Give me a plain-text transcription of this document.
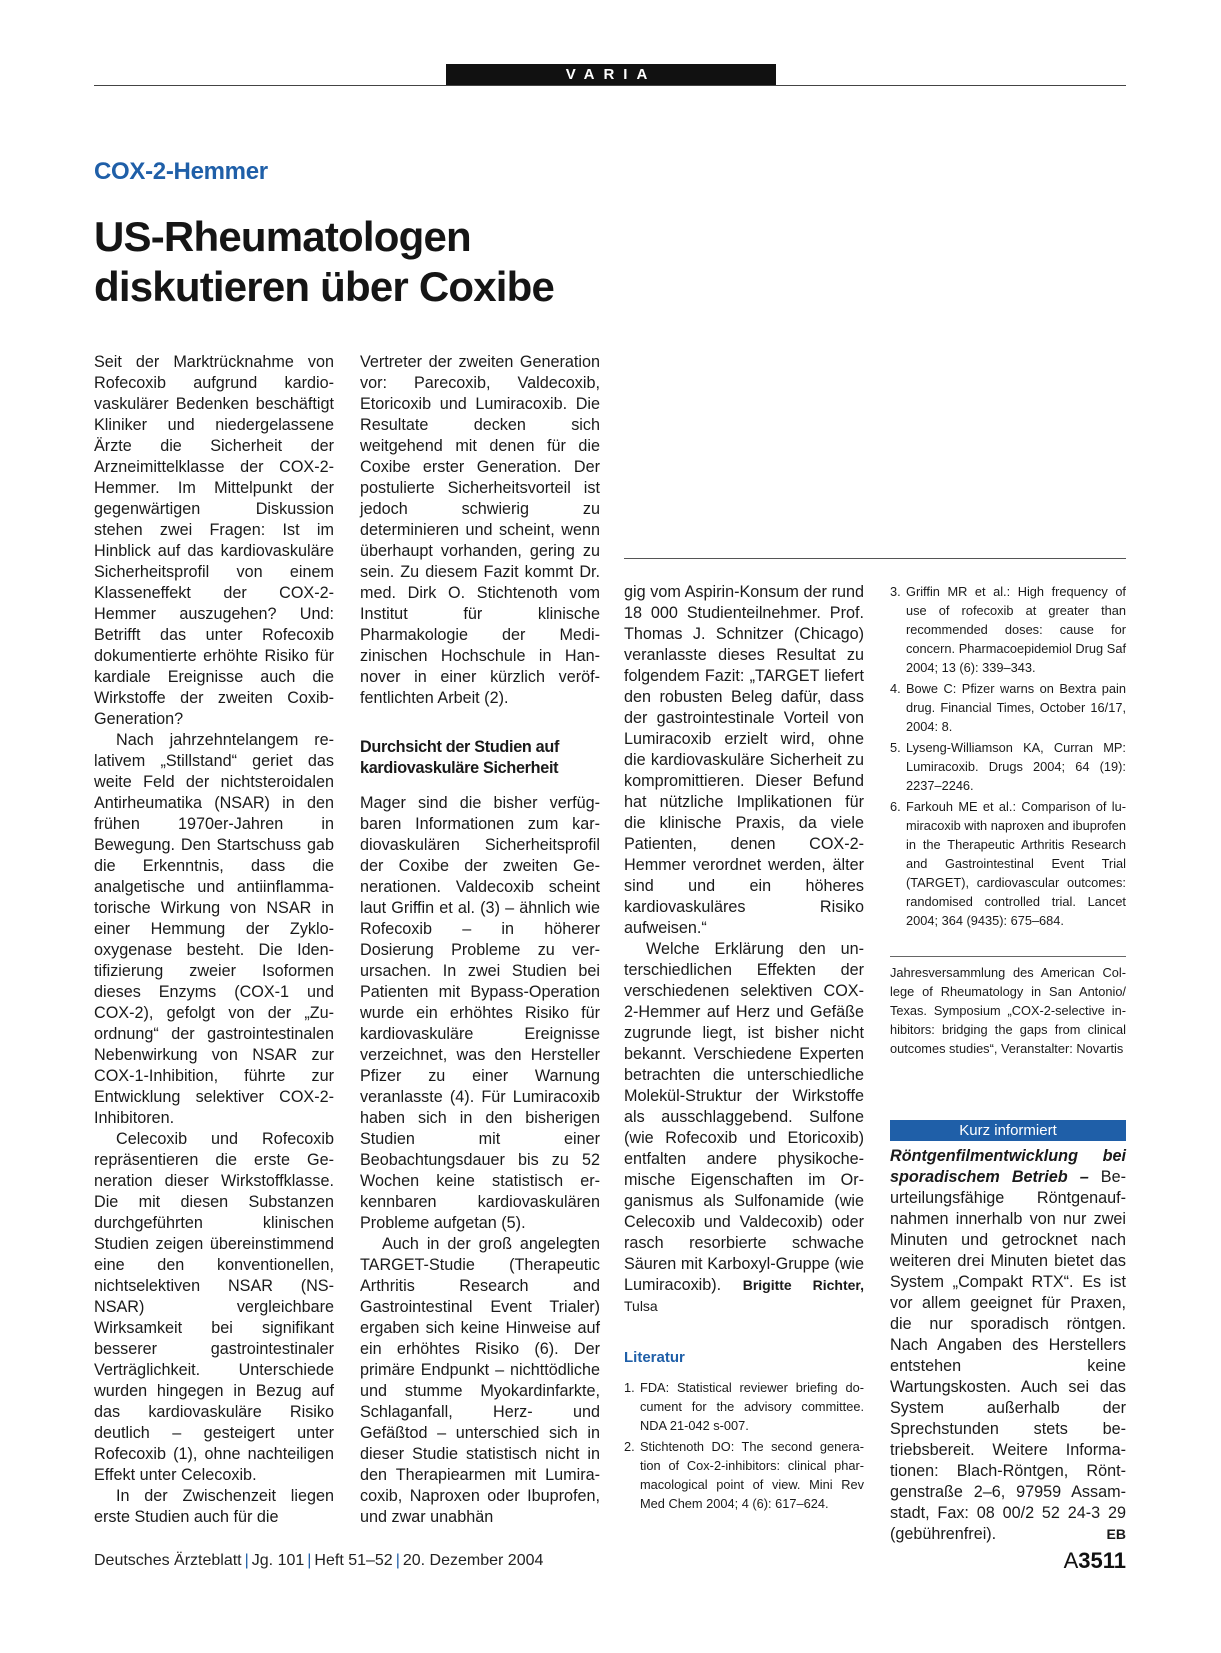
VARIA
COX-2-Hemmer
US-Rheumatologen
diskutieren über Coxibe

Seit der Marktrücknahme von Rofecoxib aufgrund kardiovaskulärer Bedenken beschäftigt Kliniker und niedergelassene Ärzte die Sicherheit der Arzneimittelklasse der COX-2-Hemmer. Im Mittelpunkt der gegenwärtigen Diskussion stehen zwei Fragen: Ist im Hinblick auf das kardiovaskuläre Sicherheitsprofil von einem Klasseneffekt der COX-2-Hemmer auszugehen? Und: Betrifft das unter Rofecoxib dokumentierte erhöhte Risiko für kardiale Ereignisse auch die Wirkstoffe der zweiten Coxib-Generation?

Nach jahrzehntelangem relativem „Stillstand“ geriet das weite Feld der nichtsteroidalen Antirheumatika (NSAR) in den frühen 1970er-Jahren in Bewegung. Den Startschuss gab die Erkenntnis, dass die analgetische und antiinflammatorische Wirkung von NSAR in einer Hemmung der Zyklooxygenase besteht. Die Identifizierung zweier Isoformen dieses Enzyms (COX-1 und COX-2), gefolgt von der „Zuordnung“ der gastrointestinalen Nebenwirkung von NSAR zur COX-1-Inhibition, führte zur Entwicklung selektiver COX-2-Inhibitoren.

Celecoxib und Rofecoxib repräsentieren die erste Generation dieser Wirkstoffklasse. Die mit diesen Substanzen durchgeführten klinischen Studien zeigen übereinstimmend eine den konventionellen, nichtselektiven NSAR (NS-NSAR) vergleichbare Wirksamkeit bei signifikant besserer gastrointestinaler Verträglichkeit. Unterschiede wurden hingegen in Bezug auf das kardiovaskuläre Risiko deutlich – gesteigert unter Rofecoxib (1), ohne nachteiligen Effekt unter Celecoxib.

In der Zwischenzeit liegen erste Studien auch für die

Vertreter der zweiten Generation vor: Parecoxib, Valdecoxib, Etoricoxib und Lumiracoxib. Die Resultate decken sich weitgehend mit denen für die Coxibe erster Generation. Der postulierte Sicherheitsvorteil ist jedoch schwierig zu determinieren und scheint, wenn überhaupt vorhanden, gering zu sein. Zu diesem Fazit kommt Dr. med. Dirk O. Stichtenoth vom Institut für klinische Pharmakologie der Medizinischen Hochschule in Hannover in einer kürzlich veröffentlichten Arbeit (2).

Durchsicht der Studien auf kardiovaskuläre Sicherheit

Mager sind die bisher verfügbaren Informationen zum kardiovaskulären Sicherheitsprofil der Coxibe der zweiten Generationen. Valdecoxib scheint laut Griffin et al. (3) – ähnlich wie Rofecoxib – in höherer Dosierung Probleme zu verursachen. In zwei Studien bei Patienten mit Bypass-Operation wurde ein erhöhtes Risiko für kardiovaskuläre Ereignisse verzeichnet, was den Hersteller Pfizer zu einer Warnung veranlasste (4). Für Lumiracoxib haben sich in den bisherigen Studien mit einer Beobachtungsdauer bis zu 52 Wochen keine statistisch erkennbaren kardiovaskulären Probleme aufgetan (5).

Auch in der groß angelegten TARGET-Studie (Therapeutic Arthritis Research and Gastrointestinal Event Trialer) ergaben sich keine Hinweise auf ein erhöhtes Risiko (6). Der primäre Endpunkt – nichttödliche und stumme Myokardinfarkte, Schlaganfall, Herz- und Gefäßtod – unterschied sich in dieser Studie statistisch nicht in den Therapiearmen mit Lumiracoxib, Naproxen oder Ibuprofen, und zwar unabhän

gig vom Aspirin-Konsum der rund 18 000 Studienteilnehmer. Prof. Thomas J. Schnitzer (Chicago) veranlasste dieses Resultat zu folgendem Fazit: „TARGET liefert den robusten Beleg dafür, dass der gastrointestinale Vorteil von Lumiracoxib erzielt wird, ohne die kardiovaskuläre Sicherheit zu kompromittieren. Dieser Befund hat nützliche Implikationen für die klinische Praxis, da viele Patienten, denen COX-2-Hemmer verordnet werden, älter sind und ein höheres kardiovaskuläres Risiko aufweisen.“

Welche Erklärung den unterschiedlichen Effekten der verschiedenen selektiven COX-2-Hemmer auf Herz und Gefäße zugrunde liegt, ist bisher nicht bekannt. Verschiedene Experten betrachten die unterschiedliche Molekül-Struktur der Wirkstoffe als ausschlaggebend. Sulfone (wie Rofecoxib und Etoricoxib) entfalten andere physikochemische Eigenschaften im Organismus als Sulfonamide (wie Celecoxib und Valdecoxib) oder rasch resorbierte schwache Säuren mit Karboxyl-Gruppe (wie Lumiracoxib). Brigitte Richter, Tulsa

Literatur
1. FDA: Statistical reviewer briefing document for the advisory committee. NDA 21-042 s-007.
2. Stichtenoth DO: The second generation of Cox-2-inhibitors: clinical pharmacological point of view. Mini Rev Med Chem 2004; 4 (6): 617–624.
3. Griffin MR et al.: High frequency of use of rofecoxib at greater than recommended doses: cause for concern. Pharmacoepidemiol Drug Saf 2004; 13 (6): 339–343.
4. Bowe C: Pfizer warns on Bextra pain drug. Financial Times, October 16/17, 2004: 8.
5. Lyseng-Williamson KA, Curran MP: Lumiracoxib. Drugs 2004; 64 (19): 2237–2246.
6. Farkouh ME et al.: Comparison of lumiracoxib with naproxen and ibuprofen in the Therapeutic Arthritis Research and Gastrointestinal Event Trial (TARGET), cardiovascular outcomes: randomised controlled trial. Lancet 2004; 364 (9435): 675–684.
Jahresversammlung des American College of Rheumatology in San Antonio/ Texas. Symposium „COX-2-selective inhibitors: bridging the gaps from clinical outcomes studies“, Veranstalter: Novartis
Kurz informiert

Röntgenfilmentwicklung bei sporadischem Betrieb – Beurteilungsfähige Röntgenaufnahmen innerhalb von nur zwei Minuten und getrocknet nach weiteren drei Minuten bietet das System „Compakt RTX“. Es ist vor allem geeignet für Praxen, die nur sporadisch röntgen. Nach Angaben des Herstellers entstehen keine Wartungskosten. Auch sei das System außerhalb der Sprechstunden stets betriebsbereit. Weitere Informationen: Blach-Röntgen, Röntgenstraße 2–6, 97959 Assamstadt, Fax: 08 00/2 52 24-3 29 (gebührenfrei).	EB

Deutsches Ärzteblatt | Jg. 101 | Heft 51–52 | 20. Dezember 2004	A3511
